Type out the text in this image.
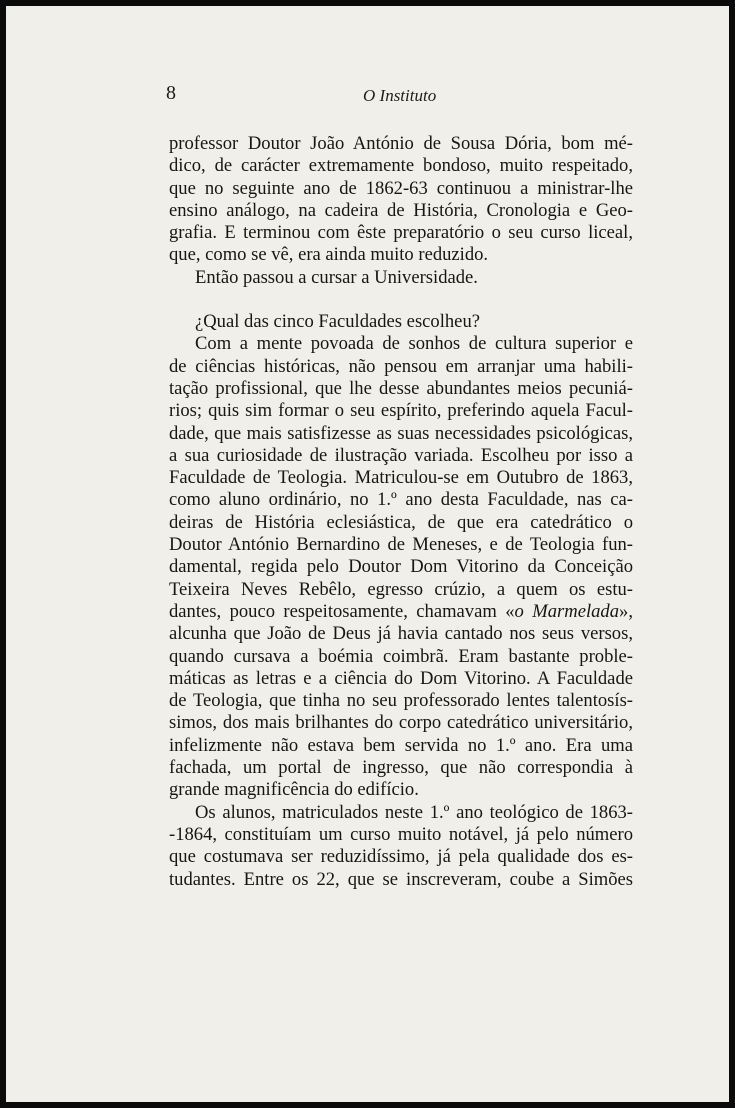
8	O Instituto

professor Doutor João António de Sousa Dória, bom mé-
dico, de carácter extremamente bondoso, muito respeitado,
que no seguinte ano de 1862-63 continuou a ministrar-lhe
ensino análogo, na cadeira de História, Cronologia e Geo-
grafia. E terminou com êste preparatório o seu curso liceal,
que, como se vê, era ainda muito reduzido.

Então passou a cursar a Universidade.

¿Qual das cinco Faculdades escolheu?

Com a mente povoada de sonhos de cultura superior e
de ciências históricas, não pensou em arranjar uma habili-
tação profissional, que lhe desse abundantes meios pecuniá-
rios; quis sim formar o seu espírito, preferindo aquela Facul-
dade, que mais satisfizesse as suas necessidades psicológicas,
a sua curiosidade de ilustração variada. Escolheu por isso a
Faculdade de Teologia. Matriculou-se em Outubro de 1863,
como aluno ordinário, no 1.º ano desta Faculdade, nas ca-
deiras de História eclesiástica, de que era catedrático o
Doutor António Bernardino de Meneses, e de Teologia fun-
damental, regida pelo Doutor Dom Vitorino da Conceição
Teixeira Neves Rebêlo, egresso crúzio, a quem os estu-
dantes, pouco respeitosamente, chamavam «o Marmelada»,
alcunha que João de Deus já havia cantado nos seus versos,
quando cursava a boémia coimbrã. Eram bastante proble-
máticas as letras e a ciência do Dom Vitorino. A Faculdade
de Teologia, que tinha no seu professorado lentes talentosís-
simos, dos mais brilhantes do corpo catedrático universitário,
infelizmente não estava bem servida no 1.º ano. Era uma
fachada, um portal de ingresso, que não correspondia à
grande magnificência do edifício.

Os alunos, matriculados neste 1.º ano teológico de 1863-
-1864, constituíam um curso muito notável, já pelo número
que costumava ser reduzidíssimo, já pela qualidade dos es-
tudantes. Entre os 22, que se inscreveram, coube a Simões
